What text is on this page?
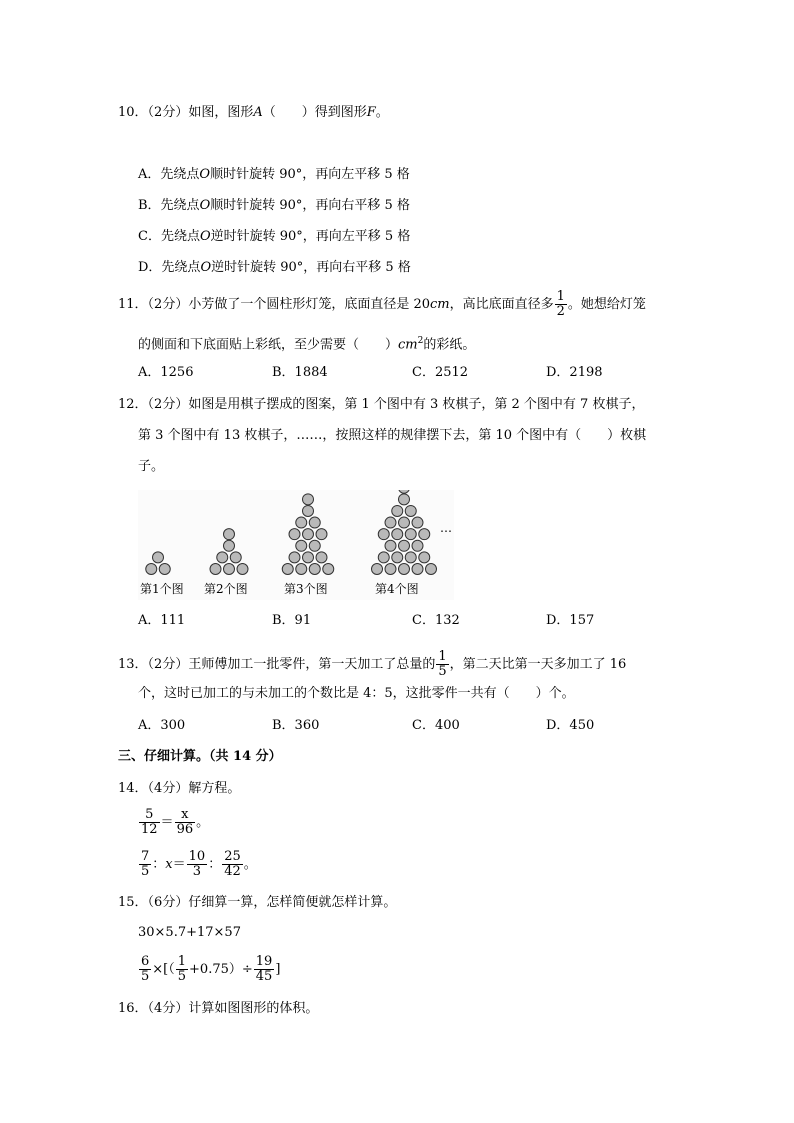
10．（2分）如图，图形A（　　）得到图形F。
A．先绕点O顺时针旋转 90°，再向左平移 5 格
B．先绕点O顺时针旋转 90°，再向右平移 5 格
C．先绕点O逆时针旋转 90°，再向左平移 5 格
D．先绕点O逆时针旋转 90°，再向右平移 5 格
11．（2分）小芳做了一个圆柱形灯笼，底面直径是 20cm，高比底面直径多 $\frac{1}{2}$ 。她想给灯笼
的侧面和下底面贴上彩纸，至少需要（　　）$cm^2$的彩纸。
A．1256	B．1884	C．2512	D．2198
12．（2分）如图是用棋子摆成的图案，第 1 个图中有 3 枚棋子，第 2 个图中有 7 枚棋子，
第 3 个图中有 13 枚棋子，……，按照这样的规律摆下去，第 10 个图中有（　　）枚棋
子。
第1个图 第2个图	第3个图	第4个图
…
A．111	B．91	C．132	D．157
13．（2分）王师傅加工一批零件，第一天加工了总量的 $\frac{1}{5}$ ，第二天比第一天多加工了 16
个，这时已加工的与未加工的个数比是 4：5，这批零件一共有（　　）个。
A．300	B．360	C．400	D．450
三、仔细计算。（共 14 分）
14．（4分）解方程。
$\frac{5}{12} = \frac{x}{96}$ 。
$\frac{7}{5}$ ：$x= \frac{10}{3}$ ： $\frac{25}{42}$ 。
15．（6分）仔细算一算，怎样简便就怎样计算。
30×5.7+17×57
$\frac{6}{5}$ ×[（ $\frac{1}{5} +0.75)\div \frac{19}{45}$ ]
16．（4分）计算如图图形的体积。
